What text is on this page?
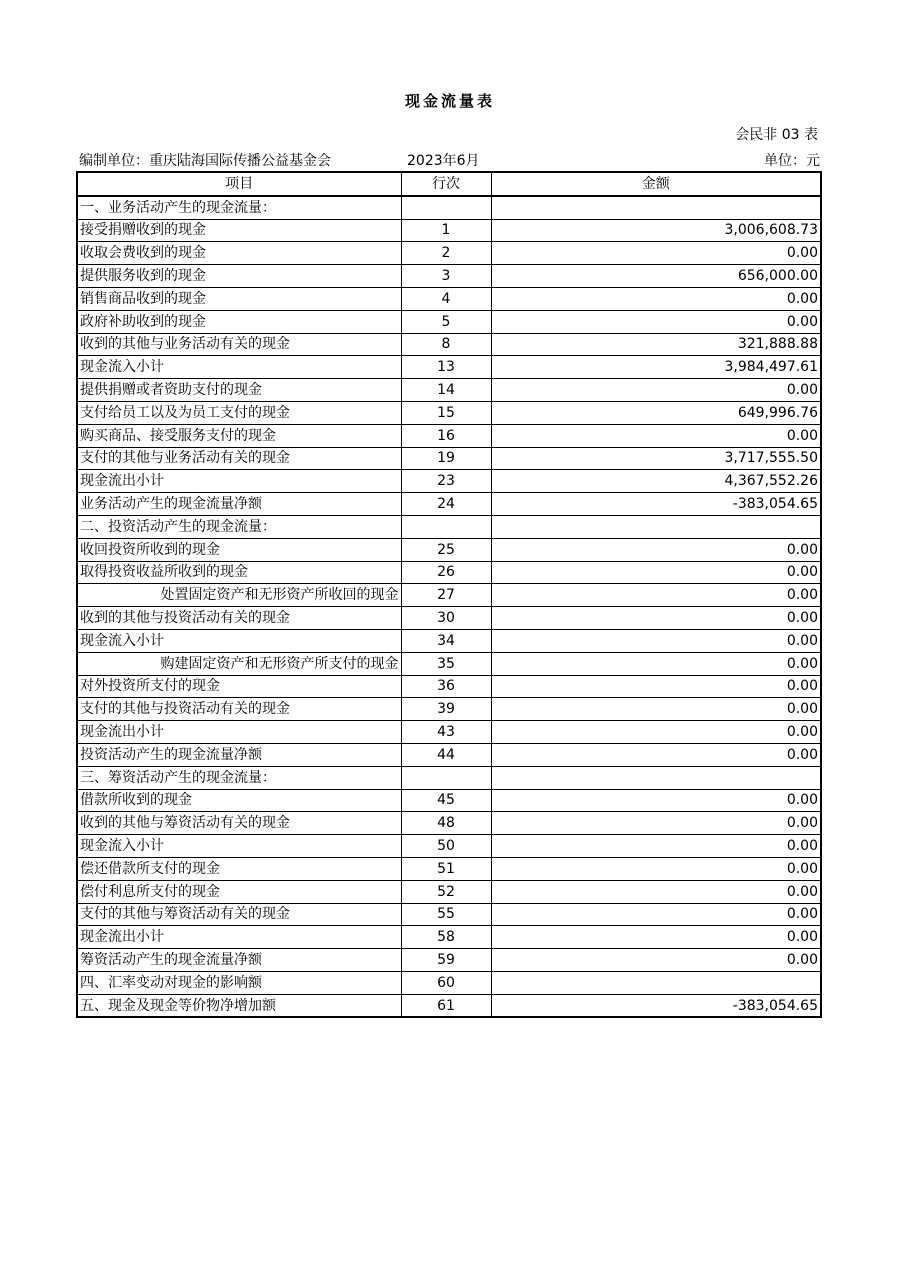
现金流量表
会民非 03 表
编制单位：重庆陆海国际传播公益基金会	2023年6月	单位：元
项目	行次	金额
一、业务活动产生的现金流量：		
接受捐赠收到的现金	1	3,006,608.73
收取会费收到的现金	2	0.00
提供服务收到的现金	3	656,000.00
销售商品收到的现金	4	0.00
政府补助收到的现金	5	0.00
收到的其他与业务活动有关的现金	8	321,888.88
现金流入小计	13	3,984,497.61
提供捐赠或者资助支付的现金	14	0.00
支付给员工以及为员工支付的现金	15	649,996.76
购买商品、接受服务支付的现金	16	0.00
支付的其他与业务活动有关的现金	19	3,717,555.50
现金流出小计	23	4,367,552.26
业务活动产生的现金流量净额	24	-383,054.65
二、投资活动产生的现金流量：		
收回投资所收到的现金	25	0.00
取得投资收益所收到的现金	26	0.00
处置固定资产和无形资产所收回的现金	27	0.00
收到的其他与投资活动有关的现金	30	0.00
现金流入小计	34	0.00
购建固定资产和无形资产所支付的现金	35	0.00
对外投资所支付的现金	36	0.00
支付的其他与投资活动有关的现金	39	0.00
现金流出小计	43	0.00
投资活动产生的现金流量净额	44	0.00
三、筹资活动产生的现金流量：		
借款所收到的现金	45	0.00
收到的其他与筹资活动有关的现金	48	0.00
现金流入小计	50	0.00
偿还借款所支付的现金	51	0.00
偿付利息所支付的现金	52	0.00
支付的其他与筹资活动有关的现金	55	0.00
现金流出小计	58	0.00
筹资活动产生的现金流量净额	59	0.00
四、汇率变动对现金的影响额	60	
五、现金及现金等价物净增加额	61	-383,054.65
